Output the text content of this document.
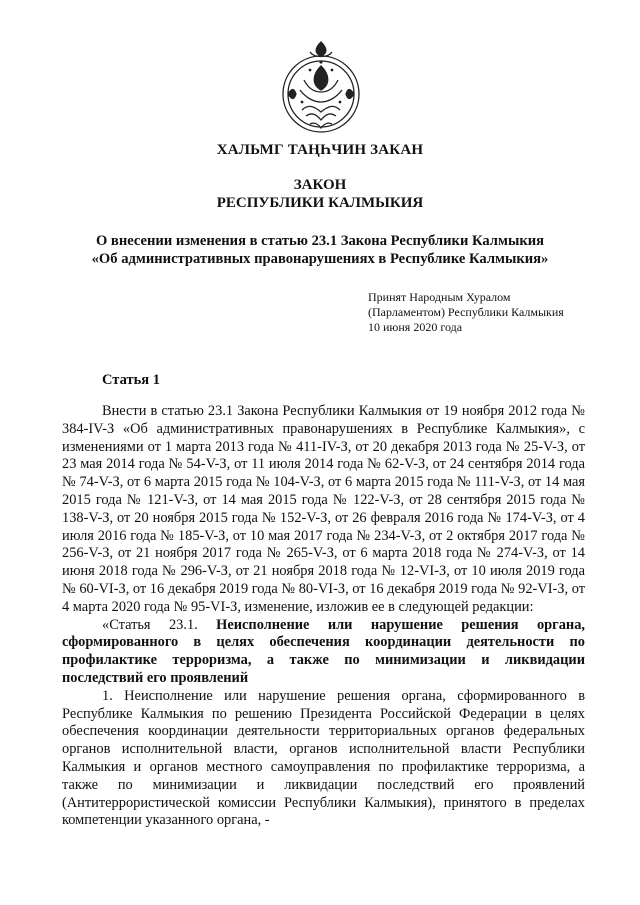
ХАЛЬМГ ТАҢҺЧИН ЗАКАН
ЗАКОН
РЕСПУБЛИКИ КАЛМЫКИЯ
О внесении изменения в статью 23.1 Закона Республики Калмыкия
«Об административных правонарушениях в Республике Калмыкия»
Принят Народным Хуралом
(Парламентом) Республики Калмыкия
10 июня 2020 года
Статья 1

Внести в статью 23.1 Закона Республики Калмыкия от 19 ноября 2012 года № 384-IV-З «Об административных правонарушениях в Республике Калмыкия», с изменениями от 1 марта 2013 года № 411-IV-З, от 20 декабря 2013 года № 25-V-З, от 23 мая 2014 года № 54-V-З, от 11 июля 2014 года № 62-V-З, от 24 сентября 2014 года № 74-V-З, от 6 марта 2015 года № 104-V-З, от 6 марта 2015 года № 111-V-З, от 14 мая 2015 года № 121-V-З, от 14 мая 2015 года № 122-V-З, от 28 сентября 2015 года № 138-V-З, от 20 ноября 2015 года № 152-V-З, от 26 февраля 2016 года № 174-V-З, от 4 июля 2016 года № 185-V-З, от 10 мая 2017 года № 234-V-З, от 2 октября 2017 года № 256-V-З, от 21 ноября 2017 года № 265-V-З, от 6 марта 2018 года № 274-V-З, от 14 июня 2018 года № 296-V-З, от 21 ноября 2018 года № 12-VI-З, от 10 июля 2019 года № 60-VI-З, от 16 декабря 2019 года № 80-VI-З, от 16 декабря 2019 года № 92-VI-З, от 4 марта 2020 года № 95-VI-З, изменение, изложив ее в следующей редакции:

«Статья 23.1. Неисполнение или нарушение решения органа, сформированного в целях обеспечения координации деятельности по профилактике терроризма, а также по минимизации и ликвидации последствий его проявлений

1. Неисполнение или нарушение решения органа, сформированного в Республике Калмыкия по решению Президента Российской Федерации в целях обеспечения координации деятельности территориальных органов федеральных органов исполнительной власти, органов исполнительной власти Республики Калмыкия и органов местного самоуправления по профилактике терроризма, а также по минимизации и ликвидации последствий его проявлений (Антитеррористической комиссии Республики Калмыкия), принятого в пределах компетенции указанного органа, -
